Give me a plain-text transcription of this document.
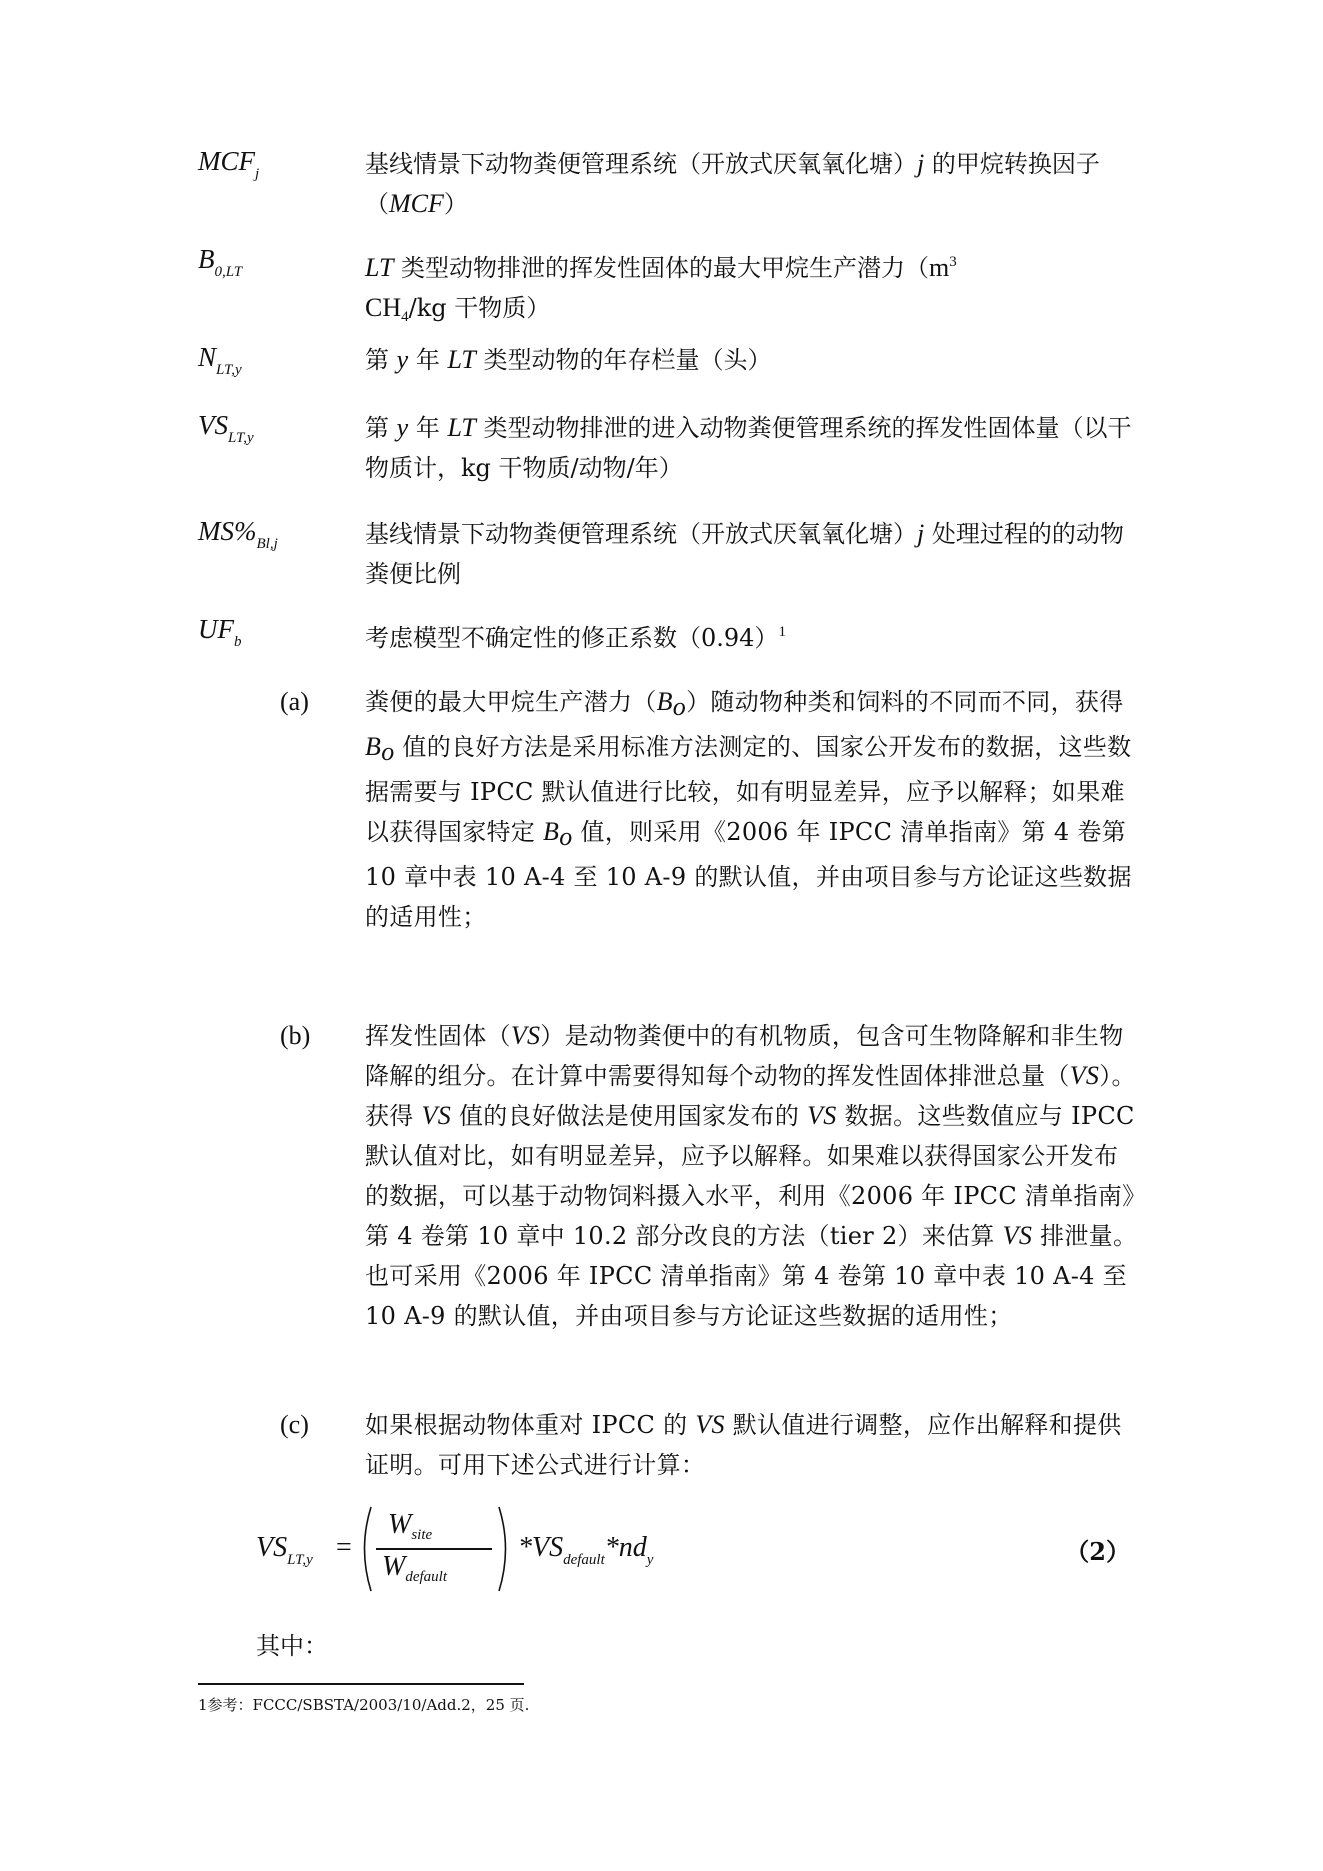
$MCF_j$	基线情景下动物粪便管理系统（开放式厌氧氧化塘）j 的甲烷转换因子（MCF）
$B_{0,LT}$	LT 类型动物排泄的挥发性固体的最大甲烷生产潜力（$m^3$ $CH_4/kg$ 干物质）
$N_{LT,y}$	第 y 年 LT 类型动物的年存栏量（头）
$VS_{LT,y}$	第 y 年 LT 类型动物排泄的进入动物粪便管理系统的挥发性固体量（以干物质计，kg 干物质/动物/年）
$MS\%_{Bl,j}$	基线情景下动物粪便管理系统（开放式厌氧氧化塘）j 处理过程的的动物粪便比例
$UF_b$	考虑模型不确定性的修正系数$(0.94)^1$
(a) 粪便的最大甲烷生产潜力（Bo）随动物种类和饲料的不同而不同，获得 Bo 值的良好方法是采用标准方法测定的、国家公开发布的数据，这些数据需要与 IPCC 默认值进行比较，如有明显差异，应予以解释；如果难以获得国家特定 Bo 值，则采用《2006 年 IPCC 清单指南》第 4 卷第 10 章中表 10 A-4 至 10 A-9 的默认值，并由项目参与方论证这些数据的适用性；
(b) 挥发性固体（VS）是动物粪便中的有机物质，包含可生物降解和非生物降解的组分。在计算中需要得知每个动物的挥发性固体排泄总量（VS）。获得 VS 值的良好做法是使用国家发布的 VS 数据。这些数值应与 IPCC 默认值对比，如有明显差异，应予以解释。如果难以获得国家公开发布的数据，可以基于动物饲料摄入水平，利用《2006 年 IPCC 清单指南》第 4 卷第 10 章中 10.2 部分改良的方法（tier 2）来估算 VS 排泄量。也可采用《2006 年 IPCC 清单指南》第 4 卷第 10 章中表 10 A-4 至 10 A-9 的默认值，并由项目参与方论证这些数据的适用性；
(c) 如果根据动物体重对 IPCC 的 VS 默认值进行调整，应作出解释和提供证明。可用下述公式进行计算：
$VS_{LT,y}$ =
$W_{site}$
$W_{default}$
$*VS_{default}*nd_y$	（2）
其中：
1参考：FCCC/SBSTA/2003/10/Add.2，25 页.
